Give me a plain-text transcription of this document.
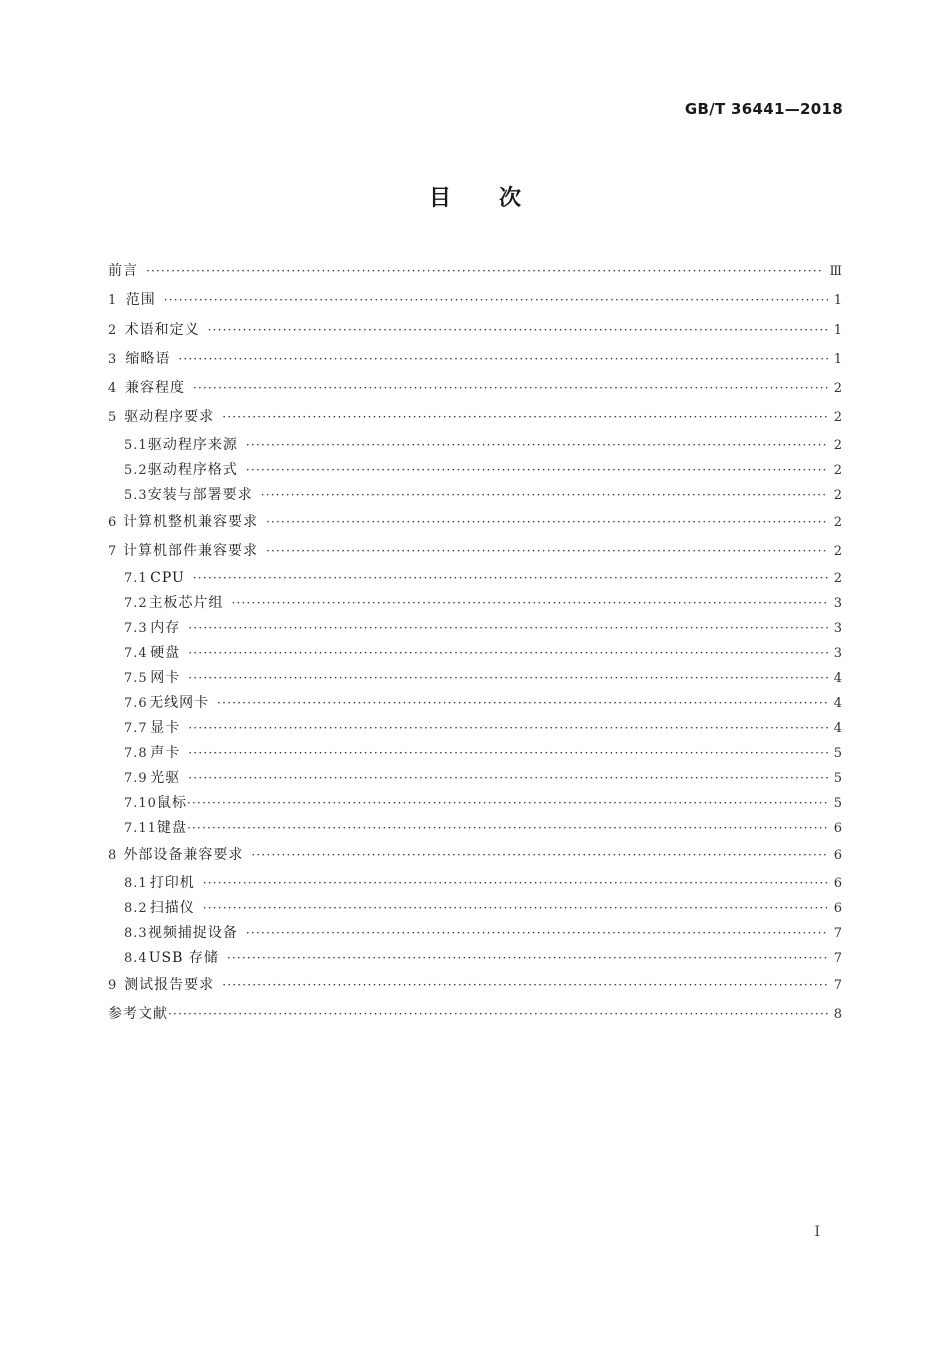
GB/T 36441—2018
目次
前言 ·····	Ⅲ
1 范围 ·····	1
2 术语和定义 ·····	1
3 缩略语 ·····	1
4 兼容程度 ·····	2
5 驱动程序要求 ·····	2
5.1 驱动程序来源 ·····	2
5.2 驱动程序格式 ·····	2
5.3 安装与部署要求 ·····	2
6 计算机整机兼容要求 ·····	2
7 计算机部件兼容要求 ·····	2
7.1 CPU ·····	2
7.2 主板芯片组 ·····	3
7.3 内存 ·····	3
7.4 硬盘 ·····	3
7.5 网卡 ·····	4
7.6 无线网卡 ·····	4
7.7 显卡 ·····	4
7.8 声卡 ·····	5
7.9 光驱 ·····	5
7.10 鼠标 ·····	5
7.11 键盘 ·····	6
8 外部设备兼容要求 ·····	6
8.1 打印机 ·····	6
8.2 扫描仪 ·····	6
8.3 视频捕捉设备 ·····	7
8.4 USB 存储 ·····	7
9 测试报告要求 ·····	7
参考文献 ·····	8
Ⅰ
